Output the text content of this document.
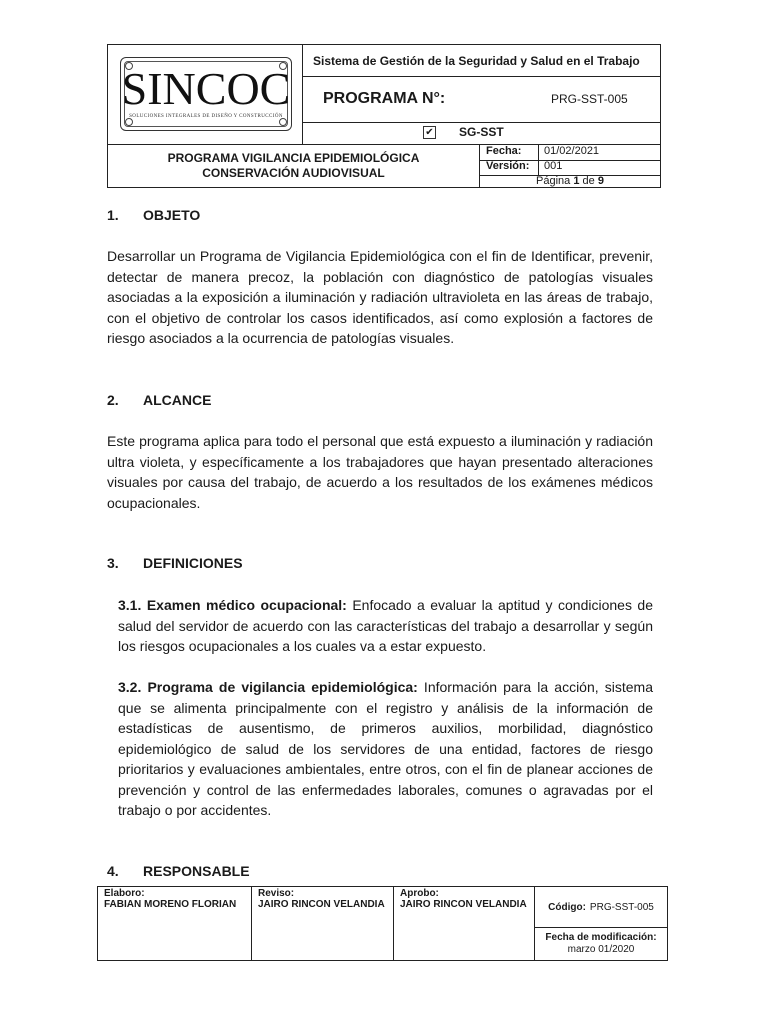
SINCOC
SOLUCIONES INTEGRALES DE DISEÑO Y CONSTRUCCIÓN
Sistema de Gestión de la Seguridad y Salud en el Trabajo
PROGRAMA N°:	PRG-SST-005
✔ SG-SST
PROGRAMA VIGILANCIA EPIDEMIOLÓGICA
CONSERVACIÓN AUDIOVISUAL
Fecha: 01/02/2021
Versión: 001
Página 1 de 9
1. OBJETO
Desarrollar un Programa de Vigilancia Epidemiológica con el fin de Identificar, prevenir, detectar de manera precoz, la población con diagnóstico de patologías visuales asociadas a la exposición a iluminación y radiación ultravioleta en las áreas de trabajo, con el objetivo de controlar los casos identificados, así como explosión a factores de riesgo asociados a la ocurrencia de patologías visuales.
2. ALCANCE
Este programa aplica para todo el personal que está expuesto a iluminación y radiación ultra violeta, y específicamente a los trabajadores que hayan presentado alteraciones visuales por causa del trabajo, de acuerdo a los resultados de los exámenes médicos ocupacionales.
3. DEFINICIONES
3.1. Examen médico ocupacional: Enfocado a evaluar la aptitud y condiciones de salud del servidor de acuerdo con las características del trabajo a desarrollar y según los riesgos ocupacionales a los cuales va a estar expuesto.
3.2. Programa de vigilancia epidemiológica: Información para la acción, sistema que se alimenta principalmente con el registro y análisis de la información de estadísticas de ausentismo, de primeros auxilios, morbilidad, diagnóstico epidemiológico de salud de los servidores de una entidad, factores de riesgo prioritarios y evaluaciones ambientales, entre otros, con el fin de planear acciones de prevención y control de las enfermedades laborales, comunes o agravadas por el trabajo o por accidentes.
4. RESPONSABLE
Elaboro:
FABIAN MORENO FLORIAN
Reviso:
JAIRO RINCON VELANDIA
Aprobo:
JAIRO RINCON VELANDIA Código: PRG-SST-005
Fecha de modificación:
marzo 01/2020
